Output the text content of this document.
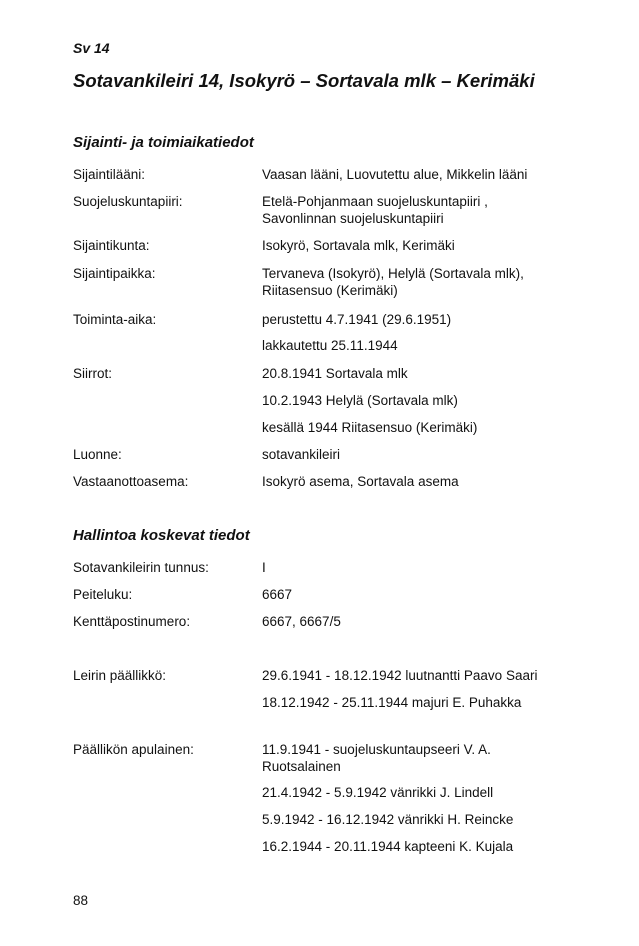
Sv 14
Sotavankileiri 14, Isokyrö – Sortavala mlk – Kerimäki
Sijainti- ja toimiaikatiedot
Sijaintilääni:	Vaasan lääni, Luovutettu alue, Mikkelin lääni
Suojeluskuntapiiri:	Etelä-Pohjanmaan suojeluskuntapiiri ,
Savonlinnan suojeluskuntapiiri
Sijaintikunta:	Isokyrö, Sortavala mlk, Kerimäki
Sijaintipaikka:	Tervaneva (Isokyrö), Helylä (Sortavala mlk),
Riitasensuo (Kerimäki)
Toiminta-aika:	perustettu 4.7.1941 (29.6.1951)
lakkautettu 25.11.1944
Siirrot:	20.8.1941 Sortavala mlk
10.2.1943 Helylä (Sortavala mlk)
kesällä 1944 Riitasensuo (Kerimäki)
Luonne:	sotavankileiri
Vastaanottoasema:	Isokyrö asema, Sortavala asema
Hallintoa koskevat tiedot
Sotavankileirin tunnus:	I
Peiteluku:	6667
Kenttäpostinumero:	6667, 6667/5
Leirin päällikkö:	29.6.1941 - 18.12.1942 luutnantti Paavo Saari
18.12.1942 - 25.11.1944 majuri E. Puhakka
Päällikön apulainen:	11.9.1941 - suojeluskuntaupseeri V. A.
Ruotsalainen
21.4.1942 - 5.9.1942 vänrikki J. Lindell
5.9.1942 - 16.12.1942 vänrikki H. Reincke
16.2.1944 - 20.11.1944 kapteeni K. Kujala
88
